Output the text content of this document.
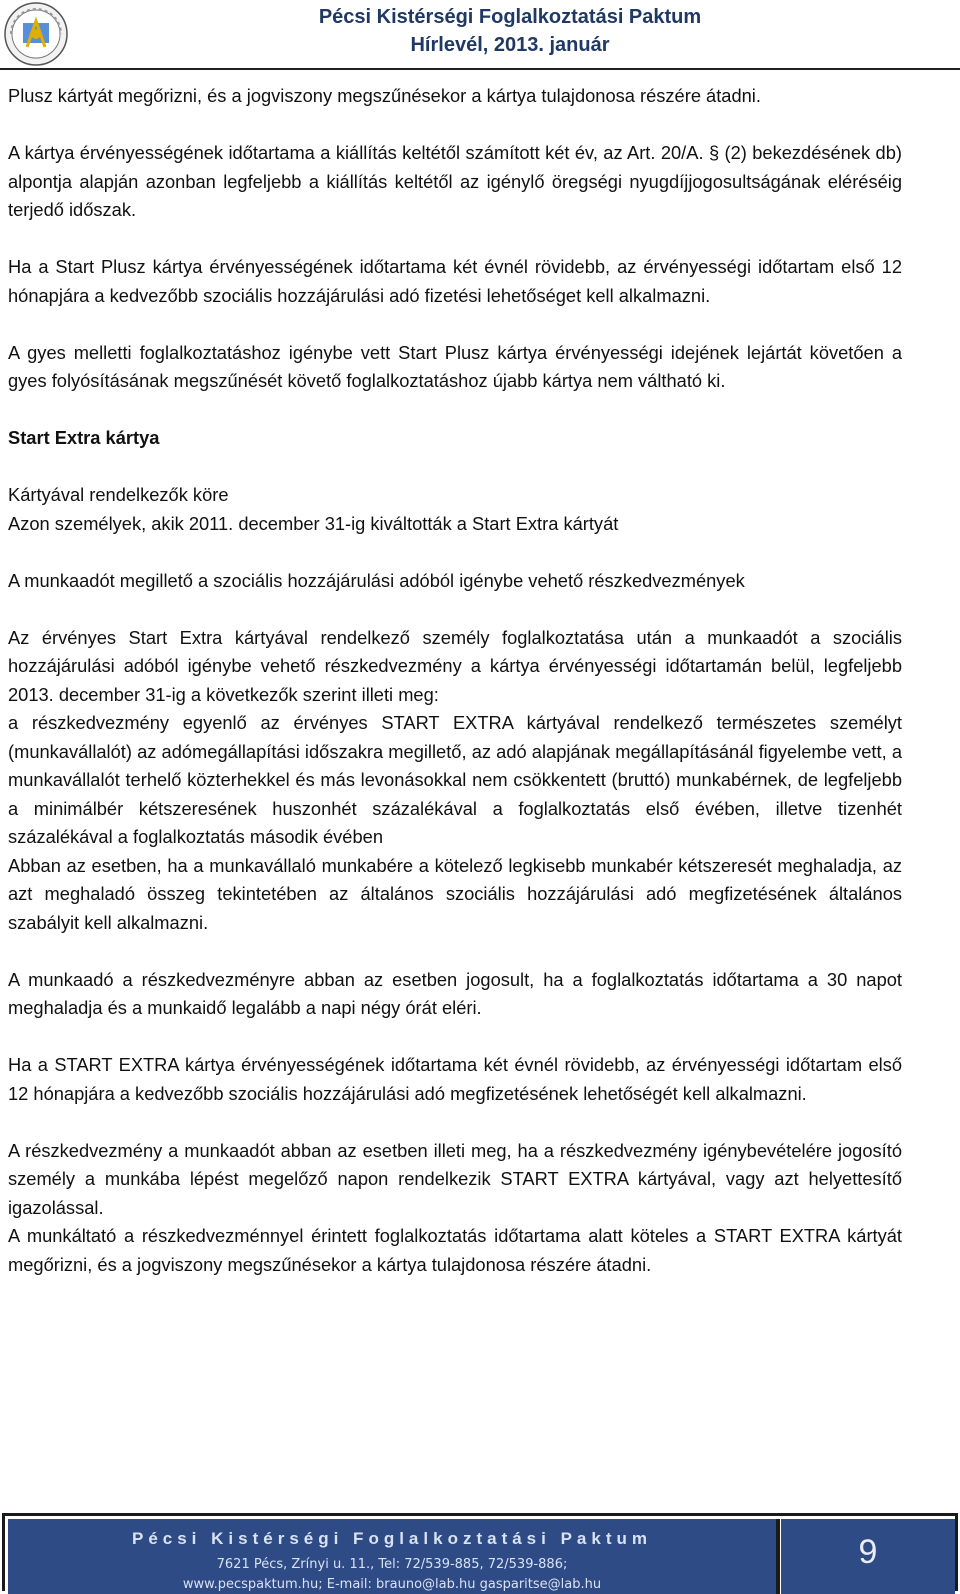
Pécsi Kistérségi Foglalkoztatási Paktum
Hírlevél, 2013. január

Plusz kártyát megőrizni, és a jogviszony megszűnésekor a kártya tulajdonosa részére átadni.

A kártya érvényességének időtartama a kiállítás keltétől számított két év, az Art. 20/A. § (2) bekezdésének db) alpontja alapján azonban legfeljebb a kiállítás keltétől az igénylő öregségi nyugdíjjogosultságának eléréséig terjedő időszak.

Ha a Start Plusz kártya érvényességének időtartama két évnél rövidebb, az érvényességi időtartam első 12 hónapjára a kedvezőbb szociális hozzájárulási adó fizetési lehetőséget kell alkalmazni.

A gyes melletti foglalkoztatáshoz igénybe vett Start Plusz kártya érvényességi idejének lejártát követően a gyes folyósításának megszűnését követő foglalkoztatáshoz újabb kártya nem váltható ki.

Start Extra kártya

Kártyával rendelkezők köre

Azon személyek, akik 2011. december 31-ig kiváltották a Start Extra kártyát

A munkaadót megillető a szociális hozzájárulási adóból igénybe vehető részkedvezmények

Az érvényes Start Extra kártyával rendelkező személy foglalkoztatása után a munkaadót a szociális hozzájárulási adóból igénybe vehető részkedvezmény a kártya érvényességi időtartamán belül, legfeljebb 2013. december 31-ig a következők szerint illeti meg:

a részkedvezmény egyenlő az érvényes START EXTRA kártyával rendelkező természetes személyt (munkavállalót) az adómegállapítási időszakra megillető, az adó alapjának megállapításánál figyelembe vett, a munkavállalót terhelő közterhekkel és más levonásokkal nem csökkentett (bruttó) munkabérnek, de legfeljebb a minimálbér kétszeresének huszonhét százalékával a foglalkoztatás első évében, illetve tizenhét százalékával a foglalkoztatás második évében

Abban az esetben, ha a munkavállaló munkabére a kötelező legkisebb munkabér kétszeresét meghaladja, az azt meghaladó összeg tekintetében az általános szociális hozzájárulási adó megfizetésének általános szabályit kell alkalmazni.

A munkaadó a részkedvezményre abban az esetben jogosult, ha a foglalkoztatás időtartama a 30 napot meghaladja és a munkaidő legalább a napi négy órát eléri.

Ha a START EXTRA kártya érvényességének időtartama két évnél rövidebb, az érvényességi időtartam első 12 hónapjára a kedvezőbb szociális hozzájárulási adó megfizetésének lehetőségét kell alkalmazni.

A részkedvezmény a munkaadót abban az esetben illeti meg, ha a részkedvezmény igénybevételére jogosító személy a munkába lépést megelőző napon rendelkezik START EXTRA kártyával, vagy azt helyettesítő igazolással.

A munkáltató a részkedvezménnyel érintett foglalkoztatás időtartama alatt köteles a START EXTRA kártyát megőrizni, és a jogviszony megszűnésekor a kártya tulajdonosa részére átadni.

Pécsi Kistérségi Foglalkoztatási Paktum
7621 Pécs, Zrínyi u. 11., Tel: 72/539-885, 72/539-886;
www.pecspaktum.hu; E-mail: brauno@lab.hu gasparitse@lab.hu
9
